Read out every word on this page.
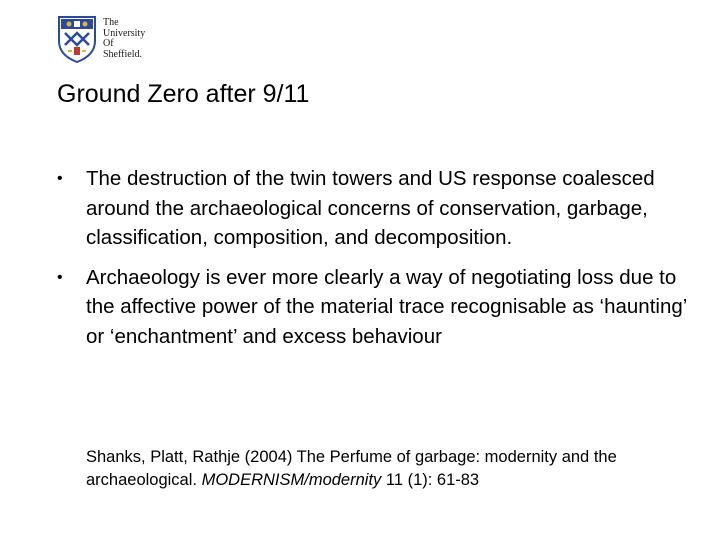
The
University
Of
Sheffield.
Ground Zero after 9/11
• The destruction of the twin towers and US response coalesced around the archaeological concerns of conservation, garbage, classification, composition, and decomposition.
• Archaeology is ever more clearly a way of negotiating loss due to the affective power of the material trace recognisable as ‘haunting’ or ‘enchantment’ and excess behaviour
Shanks, Platt, Rathje (2004) The Perfume of garbage: modernity and the archaeological. MODERNISM/modernity 11 (1): 61-83
